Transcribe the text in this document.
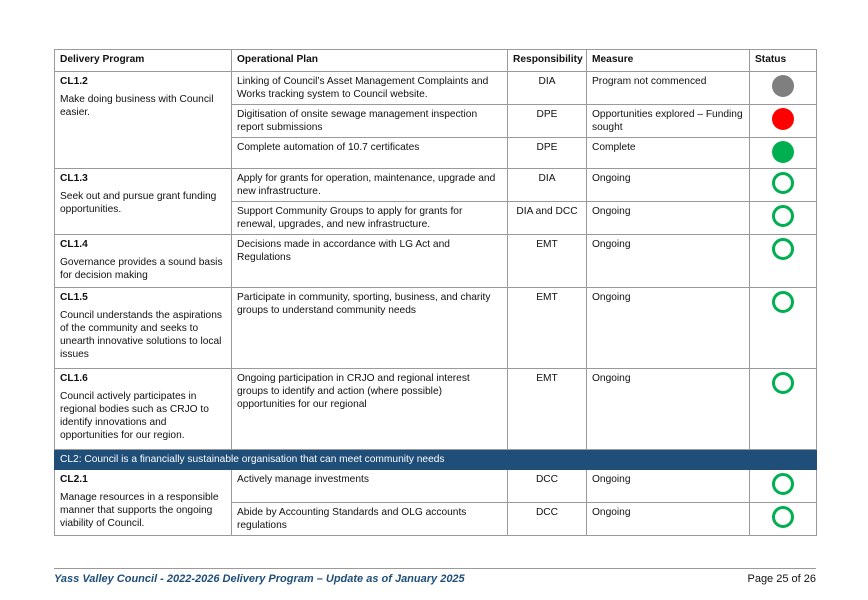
Delivery Program	Operational Plan	Responsibility	Measure	Status

CL1.2
Make doing business with Council easier.	Linking of Council’s Asset Management Complaints and Works tracking system to Council website.	DIA	Program not commenced	
	Digitisation of onsite sewage management inspection report submissions	DPE	Opportunities explored – Funding sought	
	Complete automation of 10.7 certificates	DPE	Complete	

CL1.3
Seek out and pursue grant funding opportunities.	Apply for grants for operation, maintenance, upgrade and new infrastructure.	DIA	Ongoing	
	Support Community Groups to apply for grants for renewal, upgrades, and new infrastructure.	DIA and DCC	Ongoing	

CL1.4
Governance provides a sound basis for decision making	Decisions made in accordance with LG Act and Regulations	EMT	Ongoing	

CL1.5
Council understands the aspirations of the community and seeks to unearth innovative solutions to local issues	Participate in community, sporting, business, and charity groups to understand community needs	EMT	Ongoing	

CL1.6
Council actively participates in regional bodies such as CRJO to identify innovations and opportunities for our region.	Ongoing participation in CRJO and regional interest groups to identify and action (where possible) opportunities for our regional	EMT	Ongoing	
CL2: Council is a financially sustainable organisation that can meet community needs				

CL2.1
Manage resources in a responsible manner that supports the ongoing viability of Council.	Actively manage investments	DCC	Ongoing	
	Abide by Accounting Standards and OLG accounts regulations	DCC	Ongoing	
Yass Valley Council - 2022-2026 Delivery Program – Update as of January 2025	Page 25 of 26
